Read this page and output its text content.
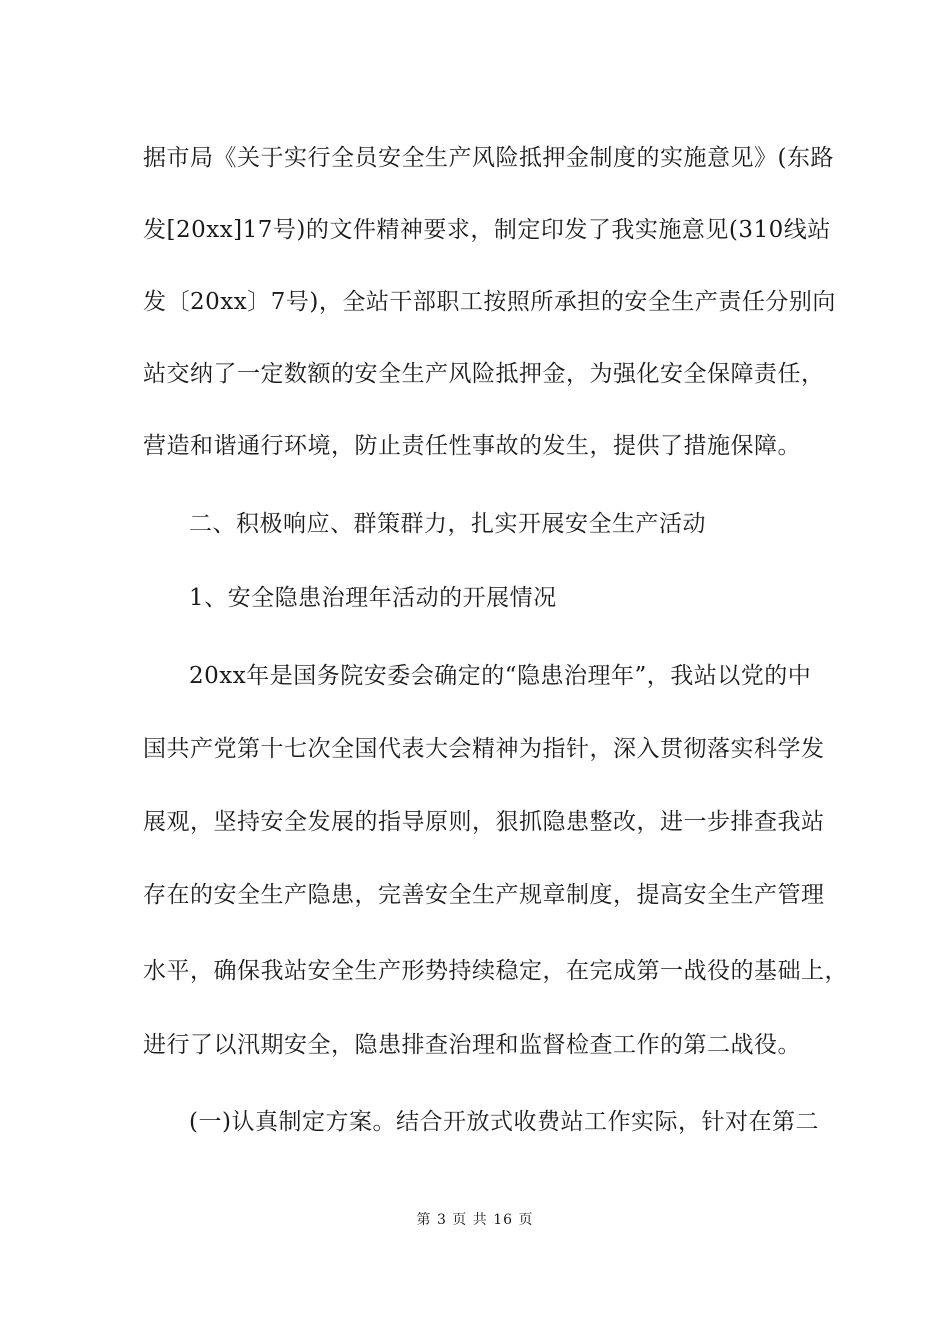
据市局《关于实行全员安全生产风险抵押金制度的实施意见》(东路
发[20xx]17号)的文件精神要求，制定印发了我实施意见(310线站
发〔20xx〕7号)，全站干部职工按照所承担的安全生产责任分别向
站交纳了一定数额的安全生产风险抵押金，为强化安全保障责任，
营造和谐通行环境，防止责任性事故的发生，提供了措施保障。
二、积极响应、群策群力，扎实开展安全生产活动
1、安全隐患治理年活动的开展情况
20xx年是国务院安委会确定的“隐患治理年”，我站以党的中
国共产党第十七次全国代表大会精神为指针，深入贯彻落实科学发
展观，坚持安全发展的指导原则，狠抓隐患整改，进一步排查我站
存在的安全生产隐患，完善安全生产规章制度，提高安全生产管理
水平，确保我站安全生产形势持续稳定，在完成第一战役的基础上，
进行了以汛期安全，隐患排查治理和监督检查工作的第二战役。
(一)认真制定方案。结合开放式收费站工作实际，针对在第二
第 3 页 共 16 页
